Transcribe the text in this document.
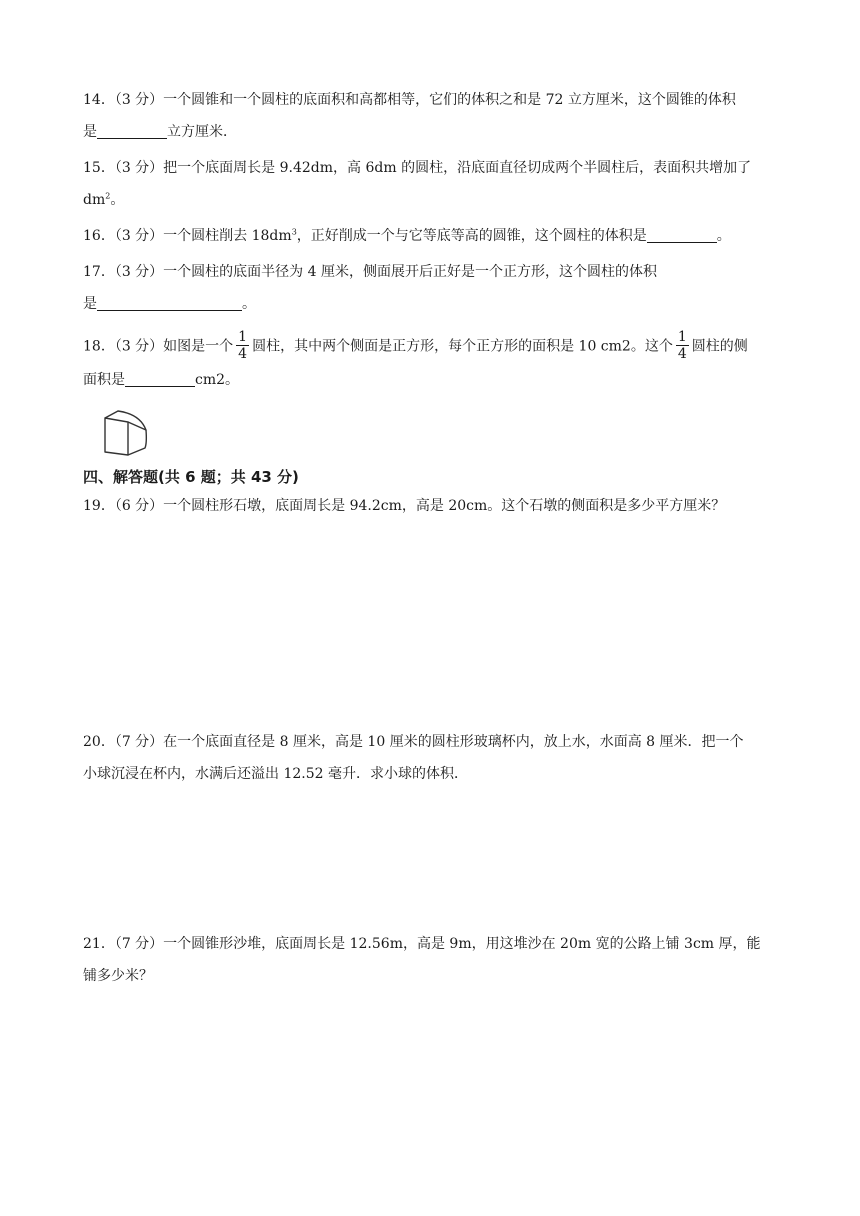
14．（3 分）一个圆锥和一个圆柱的底面积和高都相等，它们的体积之和是 72 立方厘米，这个圆锥的体积
是	立方厘米．
15．（3 分）把一个底面周长是 9.42dm，高 6dm 的圆柱，沿底面直径切成两个半圆柱后，表面积共增加了
$dm^2$。
16．（3 分）一个圆柱削去 $18dm^3$，正好削成一个与它等底等高的圆锥，这个圆柱的体积是	。
17．（3 分）一个圆柱的底面半径为 4 厘米，侧面展开后正好是一个正方形，这个圆柱的体积
是	。
18．（3 分）如图是一个 $\frac{1}{4}$ 圆柱，其中两个侧面是正方形，每个正方形的面积是 10 cm2。这个 $\frac{1}{4}$ 圆柱的侧
面积是	cm2。
四、解答题(共 6 题；共 43 分)
19．（6 分）一个圆柱形石墩，底面周长是 94.2cm，高是 20cm。这个石墩的侧面积是多少平方厘米？
20．（7 分）在一个底面直径是 8 厘米，高是 10 厘米的圆柱形玻璃杯内，放上水，水面高 8 厘米．把一个
小球沉浸在杯内，水满后还溢出 12.52 毫升．求小球的体积．
21．（7 分）一个圆锥形沙堆，底面周长是 12.56m，高是 9m，用这堆沙在 20m 宽的公路上铺 3cm 厚，能
铺多少米？
